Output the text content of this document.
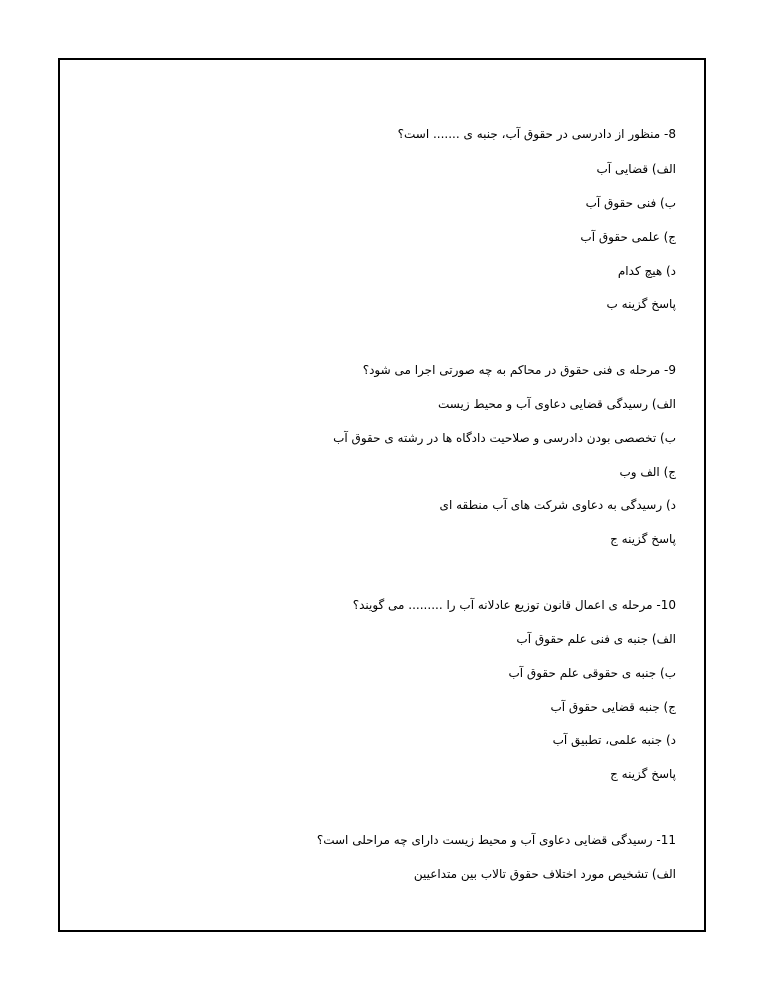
8- منظور از دادرسی در حقوق آب، جنبه ی ....... است؟
الف) قضایی آب
ب) فنی حقوق آب
ج) علمی حقوق آب
د) هیچ کدام
پاسخ گزینه ب
9- مرحله ی فنی حقوق در محاکم به چه صورتی اجرا می شود؟
الف) رسیدگی قضایی دعاوی آب و محیط زیست
ب) تخصصی بودن دادرسی و صلاحیت دادگاه ها در رشته ی حقوق آب
ج) الف وب
د) رسیدگی به دعاوی شرکت های آب منطقه ای
پاسخ گزینه ج
10- مرحله ی اعمال قانون توزیع عادلانه آب را ......... می گویند؟
الف) جنبه ی فنی علم حقوق آب
ب) جنبه ی حقوقی علم حقوق آب
ج) جنبه قضایی حقوق آب
د) جنبه علمی، تطبیق آب
پاسخ گزینه ج
11- رسیدگی قضایی دعاوی آب و محیط زیست دارای چه مراحلی است؟
الف) تشخیص مورد اختلاف حقوق تالاب بین متداعیین
